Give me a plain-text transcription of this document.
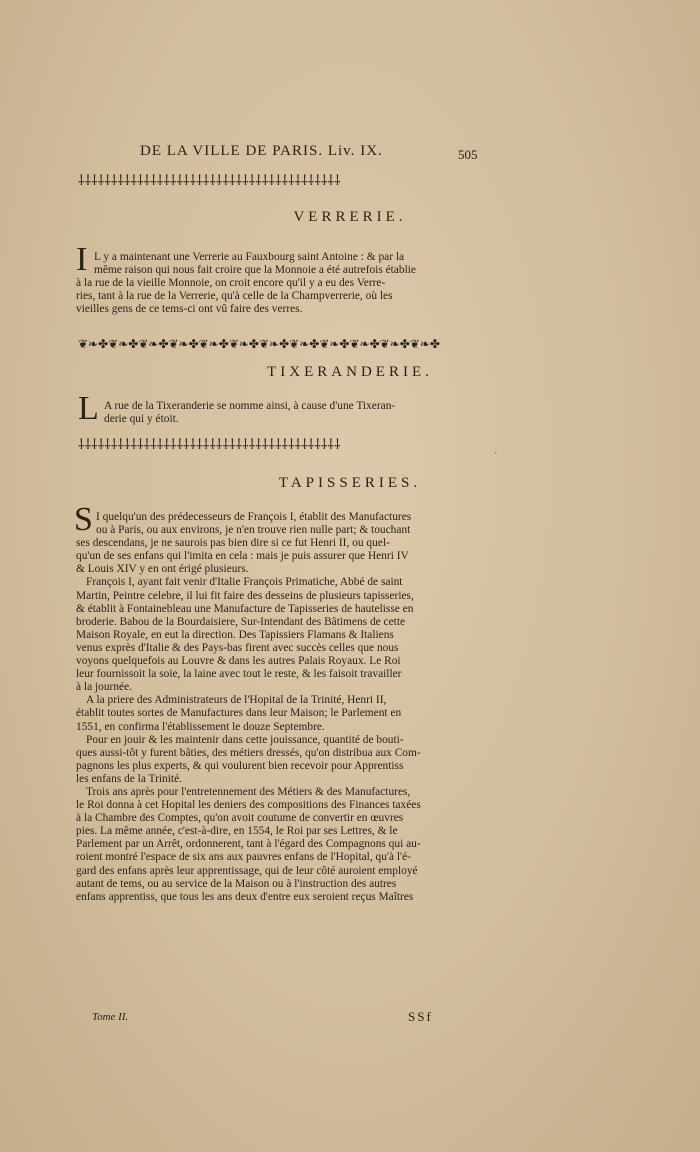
DE LA VILLE DE PARIS. Liv. IX.	505
⸸⸸⸸⸸⸸⸸⸸⸸⸸⸸⸸⸸⸸⸸⸸⸸⸸⸸⸸⸸⸸⸸⸸⸸⸸⸸⸸⸸⸸⸸⸸⸸⸸⸸⸸⸸⸸⸸⸸⸸
VERRERIE.
I L y a maintenant une Verrerie au Fauxbourg saint Antoine : & par la
même raison qui nous fait croire que la Monnoie a été autrefois établie
à la rue de la vieille Monnoie, on croit encore qu'il y a eu des Verre-
ries, tant à la rue de la Verrerie, qu'à celle de la Champverrerie, où les
vieilles gens de ce tems-ci ont vû faire des verres.
❦❧✤❦❧✤❦❧✤❦❧✤❦❧✤❦❧✤❦❧✤❦❧✤❦❧✤❦❧✤❦❧✤❦❧✤
TIXERANDERIE.
L A rue de la Tixeranderie se nomme ainsi, à cause d'une Tixeran-
derie qui y étoit.
⸸⸸⸸⸸⸸⸸⸸⸸⸸⸸⸸⸸⸸⸸⸸⸸⸸⸸⸸⸸⸸⸸⸸⸸⸸⸸⸸⸸⸸⸸⸸⸸⸸⸸⸸⸸⸸⸸⸸⸸
ˋ
TAPISSERIES.
S I quelqu'un des prédecesseurs de François I, établit des Manufactures
ou à Paris, ou aux environs, je n'en trouve rien nulle part; & touchant
ses descendans, je ne saurois pas bien dire si ce fut Henri II, ou quel-
qu'un de ses enfans qui l'imita en cela : mais je puis assurer que Henri IV
& Louis XIV y en ont érigé plusieurs.
François I, ayant fait venir d'Italie François Primatiche, Abbé de saint
Martin, Peintre celebre, il lui fit faire des desseins de plusieurs tapisseries,
& établit à Fontainebleau une Manufacture de Tapisseries de hautelisse en
broderie. Babou de la Bourdaisiere, Sur-Intendant des Bâtimens de cette
Maison Royale, en eut la direction. Des Tapissiers Flamans & Italiens
venus exprès d'Italie & des Pays-bas firent avec succès celles que nous
voyons quelquefois au Louvre & dans les autres Palais Royaux. Le Roi
leur fournissoit la soie, la laine avec tout le reste, & les faisoit travailler
à la journée.
A la priere des Administrateurs de l'Hopital de la Trinité, Henri II,
établit toutes sortes de Manufactures dans leur Maison; le Parlement en
1551, en confirma l'établissement le douze Septembre.
Pour en jouir & les maintenir dans cette jouissance, quantité de bouti-
ques aussi-tôt y furent bâties, des métiers dressés, qu'on distribua aux Com-
pagnons les plus experts, & qui voulurent bien recevoir pour Apprentiss
les enfans de la Trinité.
Trois ans après pour l'entretennement des Métiers & des Manufactures,
le Roi donna à cet Hopital les deniers des compositions des Finances taxées
à la Chambre des Comptes, qu'on avoit coutume de convertir en œuvres
pies. La même année, c'est-à-dire, en 1554, le Roi par ses Lettres, & le
Parlement par un Arrêt, ordonnerent, tant à l'égard des Compagnons qui au-
roient montré l'espace de six ans aux pauvres enfans de l'Hopital, qu'à l'é-
gard des enfans après leur apprentissage, qui de leur côté auroient employé
autant de tems, ou au service de la Maison ou à l'instruction des autres
enfans apprentiss, que tous les ans deux d'entre eux seroient reçus Maîtres
Tome II.	SSf
